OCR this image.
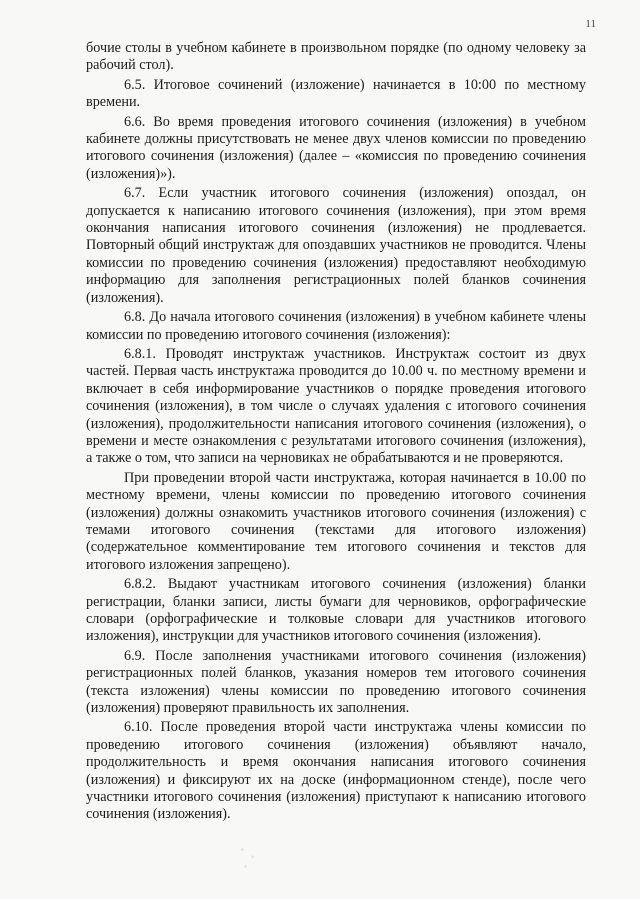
11

бочие столы в учебном кабинете в произвольном порядке (по одному человеку за рабочий стол).

6.5. Итоговое сочинений (изложение) начинается в 10:00 по местному времени.

6.6. Во время проведения итогового сочинения (изложения) в учебном кабинете должны присутствовать не менее двух членов комиссии по проведению итогового сочинения (изложения) (далее – «комиссия по проведению сочинения (изложения)»).

6.7. Если участник итогового сочинения (изложения) опоздал, он допускается к написанию итогового сочинения (изложения), при этом время окончания написания итогового сочинения (изложения) не продлевается. Повторный общий инструктаж для опоздавших участников не проводится. Члены комиссии по проведению сочинения (изложения) предоставляют необходимую информацию для заполнения регистрационных полей бланков сочинения (изложения).

6.8. До начала итогового сочинения (изложения) в учебном кабинете члены комиссии по проведению итогового сочинения (изложения):

6.8.1. Проводят инструктаж участников. Инструктаж состоит из двух частей. Первая часть инструктажа проводится до 10.00 ч. по местному времени и включает в себя информирование участников о порядке проведения итогового сочинения (изложения), в том числе о случаях удаления с итогового сочинения (изложения), продолжительности написания итогового сочинения (изложения), о времени и месте ознакомления с результатами итогового сочинения (изложения), а также о том, что записи на черновиках не обрабатываются и не проверяются.

При проведении второй части инструктажа, которая начинается в 10.00 по местному времени, члены комиссии по проведению итогового сочинения (изложения) должны ознакомить участников итогового сочинения (изложения) с темами итогового сочинения (текстами для итогового изложения) (содержательное комментирование тем итогового сочинения и текстов для итогового изложения запрещено).

6.8.2. Выдают участникам итогового сочинения (изложения) бланки регистрации, бланки записи, листы бумаги для черновиков, орфографические словари (орфографические и толковые словари для участников итогового изложения), инструкции для участников итогового сочинения (изложения).

6.9. После заполнения участниками итогового сочинения (изложения) регистрационных полей бланков, указания номеров тем итогового сочинения (текста изложения) члены комиссии по проведению итогового сочинения (изложения) проверяют правильность их заполнения.

6.10. После проведения второй части инструктажа члены комиссии по проведению итогового сочинения (изложения) объявляют начало, продолжительность и время окончания написания итогового сочинения (изложения) и фиксируют их на доске (информационном стенде), после чего участники итогового сочинения (изложения) приступают к написанию итогового сочинения (изложения).
